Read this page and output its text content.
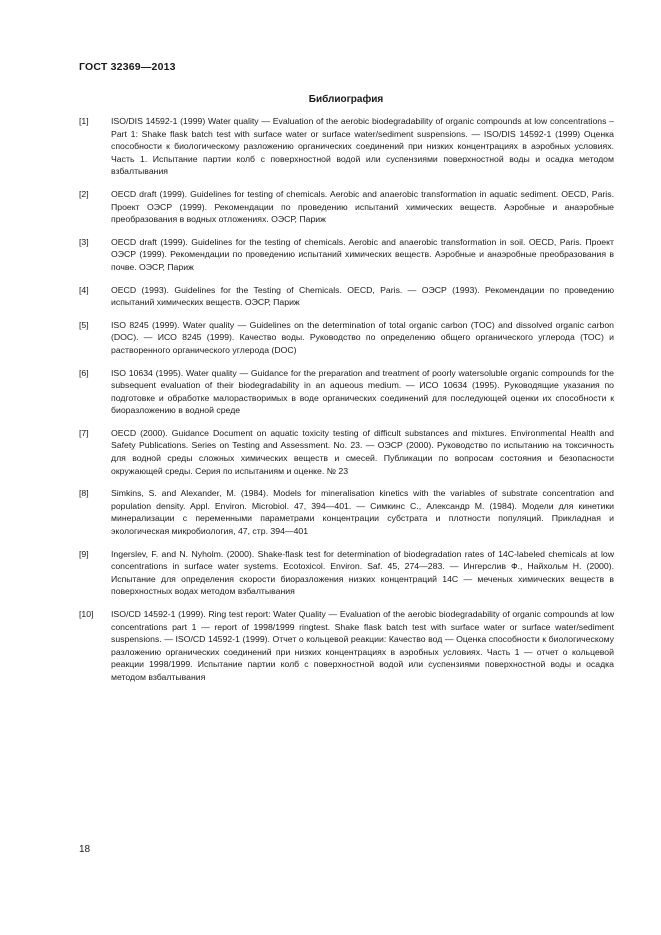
ГОСТ 32369—2013
Библиография
[1]	ISO/DIS 14592-1 (1999) Water quality — Evaluation of the aerobic biodegradability of organic compounds at low concentrations – Part 1: Shake flask batch test with surface water or surface water/sediment suspensions. — ISO/DIS 14592-1 (1999) Оценка способности к биологическому разложению органических соединений при низких концентрациях в аэробных условиях. Часть 1. Испытание партии колб с поверхностной водой или суспензиями поверхностной воды и осадка методом взбалтывания
[2]	OECD draft (1999). Guidelines for testing of chemicals. Aerobic and anaerobic transformation in aquatic sediment. OECD, Paris. Проект ОЭСР (1999). Рекомендации по проведению испытаний химических веществ. Аэробные и анаэробные преобразования в водных отложениях. ОЭСР, Париж
[3]	OECD draft (1999). Guidelines for the testing of chemicals. Aerobic and anaerobic transformation in soil. OECD, Paris. Проект ОЭСР (1999). Рекомендации по проведению испытаний химических веществ. Аэробные и анаэробные преобразования в почве. ОЭСР, Париж
[4]	OECD (1993). Guidelines for the Testing of Chemicals. OECD, Paris. — ОЭСР (1993). Рекомендации по проведению испытаний химических веществ. ОЭСР, Париж
[5]	ISO 8245 (1999). Water quality — Guidelines on the determination of total organic carbon (TOC) and dissolved organic carbon (DOC). — ИСО 8245 (1999). Качество воды. Руководство по определению общего органического углерода (ТОС) и растворенного органического углерода (DOC)
[6]	ISO 10634 (1995). Water quality — Guidance for the preparation and treatment of poorly watersoluble organic compounds for the subsequent evaluation of their biodegradability in an aqueous medium. — ИСО 10634 (1995). Руководящие указания по подготовке и обработке малорастворимых в воде органических соединений для последующей оценки их способности к биоразложению в водной среде
[7]	OECD (2000). Guidance Document on aquatic toxicity testing of difficult substances and mixtures. Environmental Health and Safety Publications. Series on Testing and Assessment. No. 23. — ОЭСР (2000). Руководство по испытанию на токсичность для водной среды сложных химических веществ и смесей. Публикации по вопросам состояния и безопасности окружающей среды. Серия по испытаниям и оценке. № 23
[8]	Simkins, S. and Alexander, M. (1984). Models for mineralisation kinetics with the variables of substrate concentration and population density. Appl. Environ. Microbiol. 47, 394—401. — Симкинс С., Александр М. (1984). Модели для кинетики минерализации с переменными параметрами концентрации субстрата и плотности популяций. Прикладная и экологическая микробиология, 47, стр. 394—401
[9]	Ingerslev, F. and N. Nyholm. (2000). Shake-flask test for determination of biodegradation rates of 14C-labeled chemicals at low concentrations in surface water systems. Ecotoxicol. Environ. Saf. 45, 274—283. — Ингерслив Ф., Найхольм Н. (2000). Испытание для определения скорости биоразложения низких концентраций 14С — меченых химических веществ в поверхностных водах методом взбалтывания
[10] ISO/CD 14592-1 (1999). Ring test report: Water Quality — Evaluation of the aerobic biodegradability of organic compounds at low concentrations part 1 — report of 1998/1999 ringtest. Shake flask batch test with surface water or surface water/sediment suspensions. — ISO/CD 14592-1 (1999). Отчет о кольцевой реакции: Качество вод — Оценка способности к биологическому разложению органических соединений при низких концентрациях в аэробных условиях. Часть 1 — отчет о кольцевой реакции 1998/1999. Испытание партии колб с поверхностной водой или суспензиями поверхностной воды и осадка методом взбалтывания
18
